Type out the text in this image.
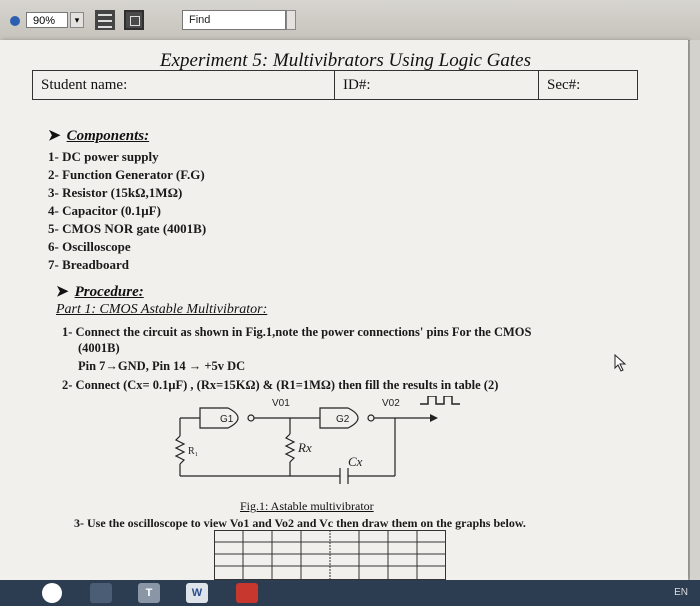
90%	▾	Find
Experiment 5: Multivibrators Using Logic Gates
Student name:	ID#:	Sec#:
➤ Components:
1- DC power supply
2- Function Generator (F.G)
3- Resistor (15kΩ,1MΩ)
4- Capacitor (0.1μF)
5- CMOS NOR gate (4001B)
6- Oscilloscope
7- Breadboard
➤ Procedure:
Part 1: CMOS Astable Multivibrator:
1- Connect the circuit as shown in Fig.1,note the power connections' pins For the CMOS
(4001B)
Pin 7→GND, Pin 14 → +5v DC
2- Connect (Cx= 0.1μF) , (Rx=15KΩ) & (R1=1MΩ) then fill the results in table (2)
G1	G2
V01	V02
R₁	Rx
Cx
Fig.1: Astable multivibrator
3- Use the oscilloscope to view Vo1 and Vo2 and Vc then draw them on the graphs below.
T	W	EN
